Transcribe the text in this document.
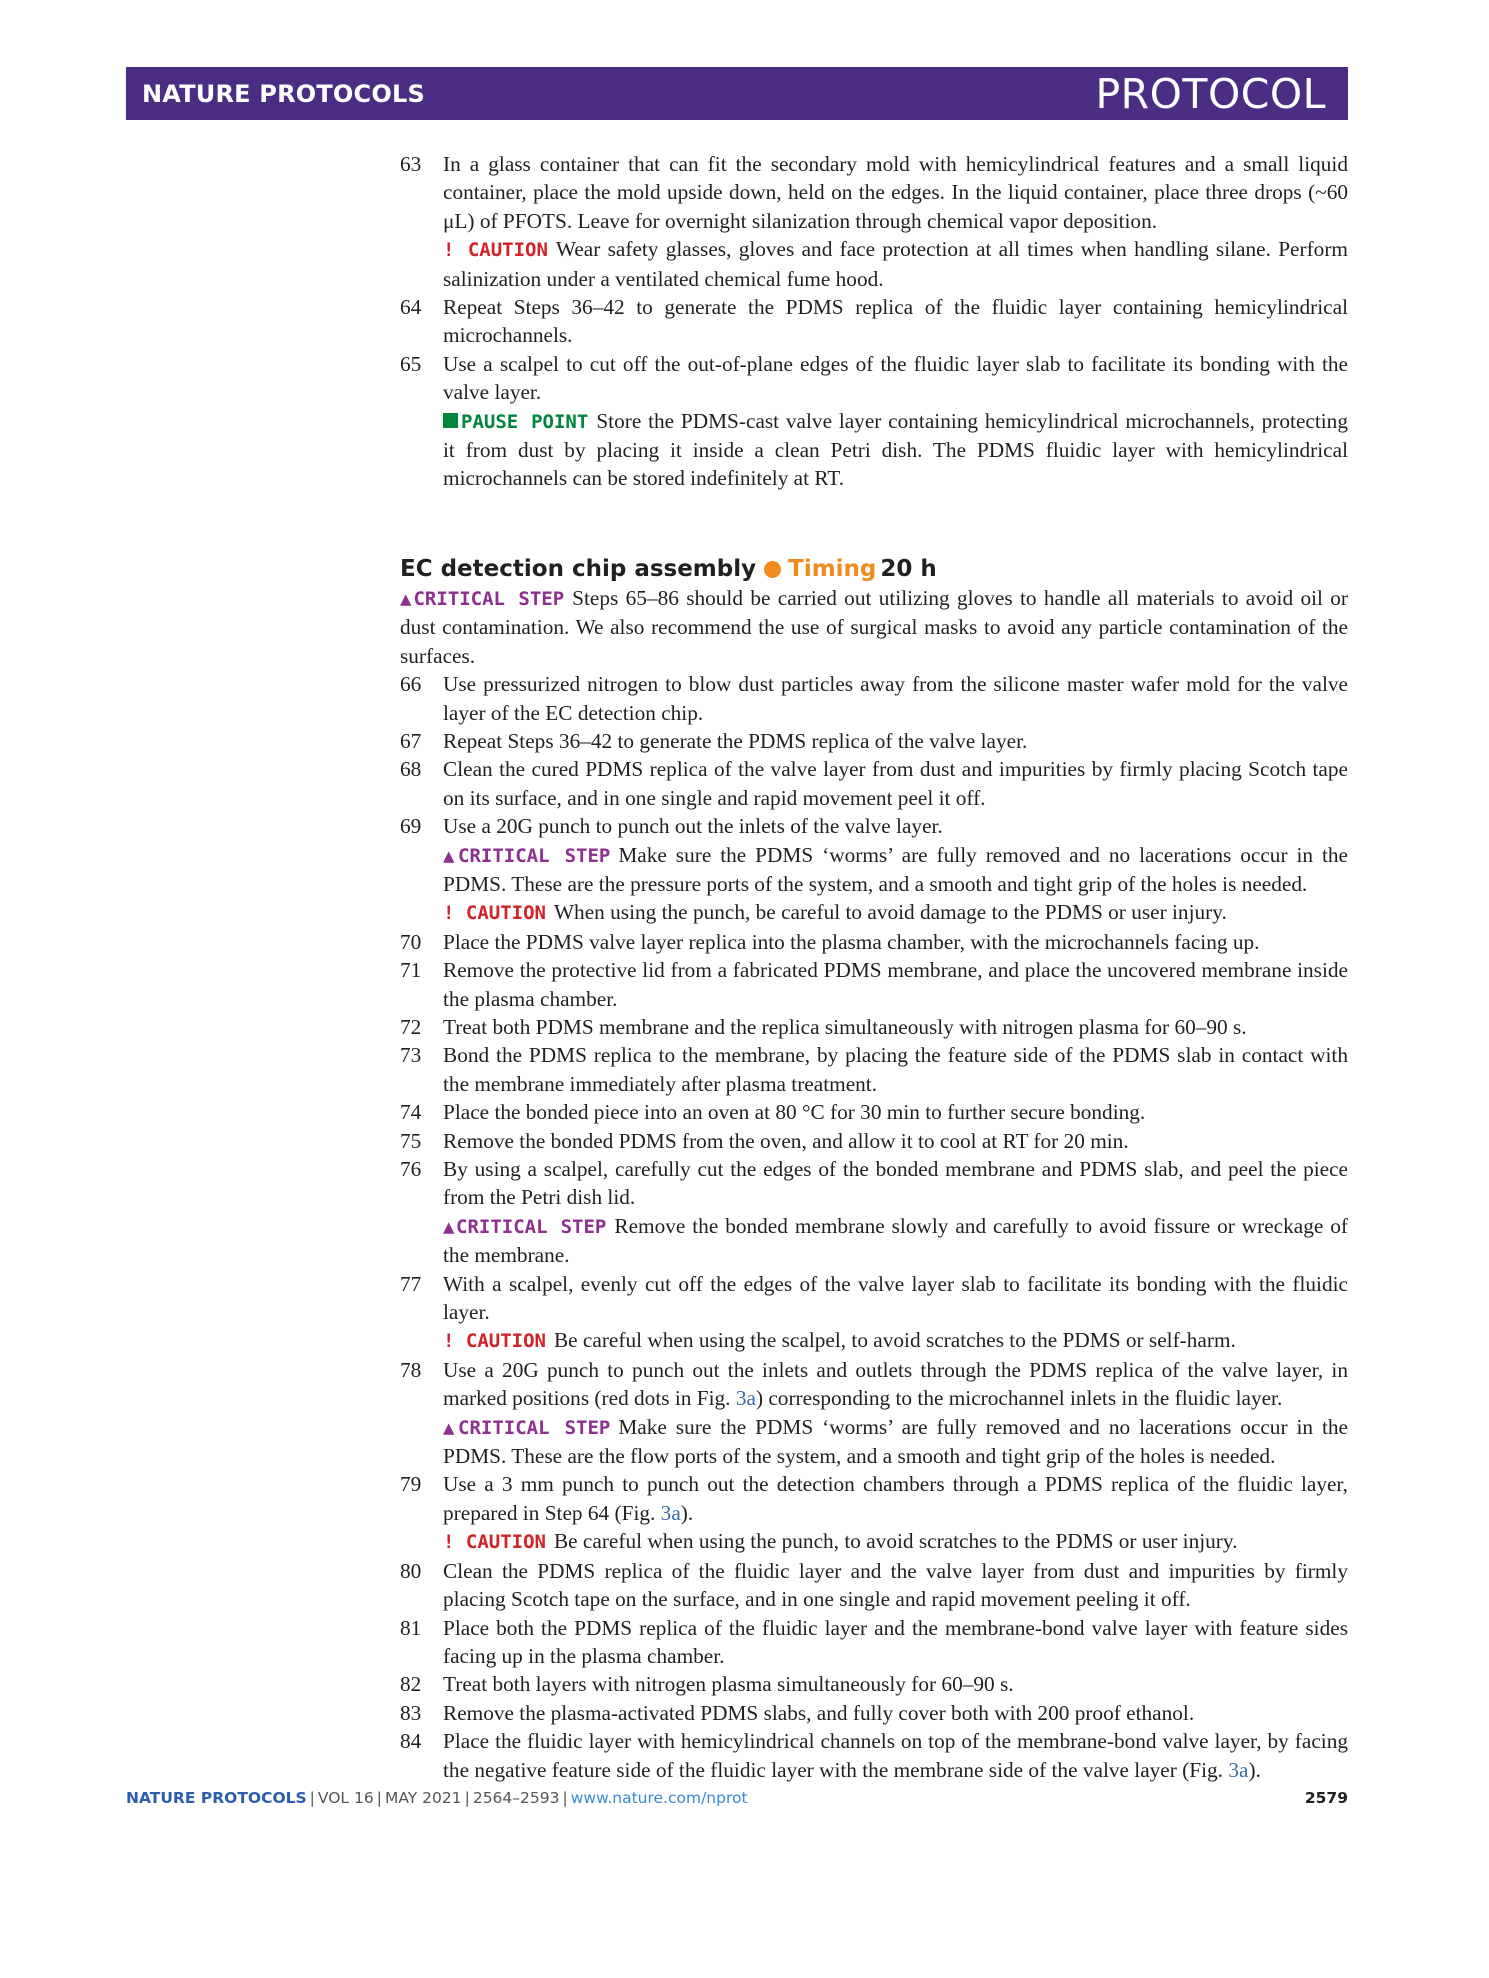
NATURE PROTOCOLS	PROTOCOL
63 In a glass container that can fit the secondary mold with hemicylindrical features and a small liquid container, place the mold upside down, held on the edges. In the liquid container, place three drops (~60 μL) of PFOTS. Leave for overnight silanization through chemical vapor deposition.

! CAUTION Wear safety glasses, gloves and face protection at all times when handling silane. Perform salinization under a ventilated chemical fume hood.

64 Repeat Steps 36–42 to generate the PDMS replica of the fluidic layer containing hemicylindrical microchannels.

65 Use a scalpel to cut off the out-of-plane edges of the fluidic layer slab to facilitate its bonding with the valve layer.

PAUSE POINT Store the PDMS-cast valve layer containing hemicylindrical microchannels, protecting it from dust by placing it inside a clean Petri dish. The PDMS fluidic layer with hemicylindrical microchannels can be stored indefinitely at RT.

EC detection chip assembly Timing 20 h

▲CRITICAL STEP Steps 65–86 should be carried out utilizing gloves to handle all materials to avoid oil or dust contamination. We also recommend the use of surgical masks to avoid any particle contamination of the surfaces.

66 Use pressurized nitrogen to blow dust particles away from the silicone master wafer mold for the valve layer of the EC detection chip.

67 Repeat Steps 36–42 to generate the PDMS replica of the valve layer.

68 Clean the cured PDMS replica of the valve layer from dust and impurities by firmly placing Scotch tape on its surface, and in one single and rapid movement peel it off.

69 Use a 20G punch to punch out the inlets of the valve layer.

▲CRITICAL STEP Make sure the PDMS ‘worms’ are fully removed and no lacerations occur in the PDMS. These are the pressure ports of the system, and a smooth and tight grip of the holes is needed.

! CAUTION When using the punch, be careful to avoid damage to the PDMS or user injury.

70 Place the PDMS valve layer replica into the plasma chamber, with the microchannels facing up.

71 Remove the protective lid from a fabricated PDMS membrane, and place the uncovered membrane inside the plasma chamber.

72 Treat both PDMS membrane and the replica simultaneously with nitrogen plasma for 60–90 s.

73 Bond the PDMS replica to the membrane, by placing the feature side of the PDMS slab in contact with the membrane immediately after plasma treatment.

74 Place the bonded piece into an oven at 80 °C for 30 min to further secure bonding.

75 Remove the bonded PDMS from the oven, and allow it to cool at RT for 20 min.

76 By using a scalpel, carefully cut the edges of the bonded membrane and PDMS slab, and peel the piece from the Petri dish lid.

▲CRITICAL STEP Remove the bonded membrane slowly and carefully to avoid fissure or wreckage of the membrane.

77 With a scalpel, evenly cut off the edges of the valve layer slab to facilitate its bonding with the fluidic layer.

! CAUTION Be careful when using the scalpel, to avoid scratches to the PDMS or self-harm.

78 Use a 20G punch to punch out the inlets and outlets through the PDMS replica of the valve layer, in marked positions (red dots in Fig. 3a) corresponding to the microchannel inlets in the fluidic layer.

▲CRITICAL STEP Make sure the PDMS ‘worms’ are fully removed and no lacerations occur in the PDMS. These are the flow ports of the system, and a smooth and tight grip of the holes is needed.

79 Use a 3 mm punch to punch out the detection chambers through a PDMS replica of the fluidic layer, prepared in Step 64 (Fig. 3a).

! CAUTION Be careful when using the punch, to avoid scratches to the PDMS or user injury.

80 Clean the PDMS replica of the fluidic layer and the valve layer from dust and impurities by firmly placing Scotch tape on the surface, and in one single and rapid movement peeling it off.

81 Place both the PDMS replica of the fluidic layer and the membrane-bond valve layer with feature sides facing up in the plasma chamber.

82 Treat both layers with nitrogen plasma simultaneously for 60–90 s.

83 Remove the plasma-activated PDMS slabs, and fully cover both with 200 proof ethanol.

84 Place the fluidic layer with hemicylindrical channels on top of the membrane-bond valve layer, by facing the negative feature side of the fluidic layer with the membrane side of the valve layer (Fig. 3a).

NATURE PROTOCOLS | VOL 16 | MAY 2021 | 2564–2593 | www.nature.com/nprot	2579
